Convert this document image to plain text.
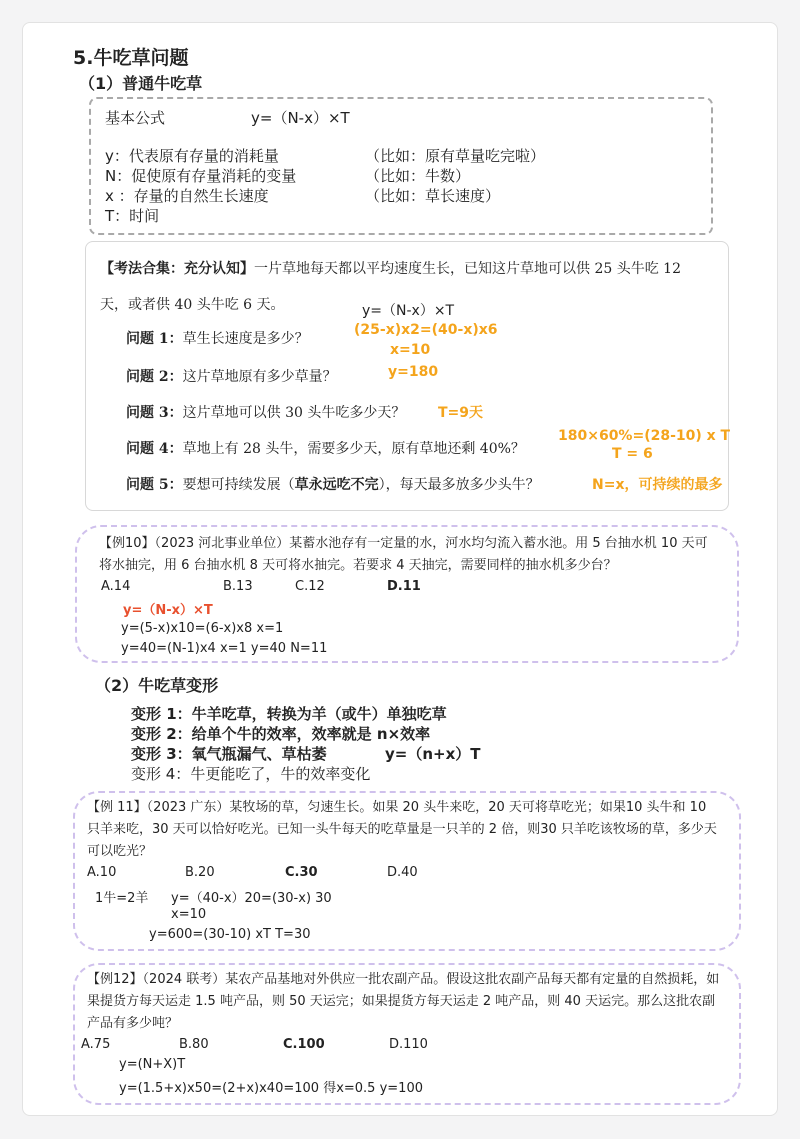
5.牛吃草问题
（1）普通牛吃草
基本公式	y=（N-x）×T
y：代表原有存量的消耗量	（比如：原有草量吃完啦）
N：促使原有存量消耗的变量	（比如：牛数）
x ：存量的自然生长速度	（比如：草长速度）
T：时间
【考法合集：充分认知】一片草地每天都以平均速度生长，已知这片草地可以供 25 头牛吃 12
天，或者供 40 头牛吃 6 天。	y=（N-x）×T
问题 1：草生长速度是多少？
(25-x)x2=(40-x)x6
x=10
问题 2：这片草地原有多少草量？	y=180
问题 3：这片草地可以供 30 头牛吃多少天？ T=9天
问题 4：草地上有 28 头牛，需要多少天，原有草地还剩 40%？
180×60%=(28-10) x T
T = 6
问题 5：要想可持续发展（草永远吃不完），每天最多放多少头牛？	N=x，可持续的最多
【例10】（2023 河北事业单位）某蓄水池存有一定量的水，河水均匀流入蓄水池。用 5 台抽水机 10 天可将水抽完，用 6 台抽水机 8 天可将水抽完。若要求 4 天抽完，需要同样的抽水机多少台？
A.14	B.13	C.12	D.11
y=（N-x）×T
y=(5-x)x10=(6-x)x8 x=1
y=40=(N-1)x4 x=1 y=40 N=11
（2）牛吃草变形
变形 1：牛羊吃草，转换为羊（或牛）单独吃草
变形 2：给单个牛的效率，效率就是 n×效率
变形 3：氧气瓶漏气、草枯萎	y=（n+x）T
变形 4：牛更能吃了，牛的效率变化
【例 11】（2023 广东）某牧场的草，匀速生长。如果 20 头牛来吃，20 天可将草吃光；如果10 头牛和 10 只羊来吃，30 天可以恰好吃光。已知一头牛每天的吃草量是一只羊的 2 倍，则30 只羊吃该牧场的草，多少天可以吃光？
A.10	B.20	C.30	D.40
1牛=2羊 y=（40-x）20=(30-x) 30
x=10
y=600=(30-10) xT T=30
【例12】（2024 联考）某农产品基地对外供应一批农副产品。假设这批农副产品每天都有定量的自然损耗，如果提货方每天运走 1.5 吨产品，则 50 天运完；如果提货方每天运走 2 吨产品，则 40 天运完。那么这批农副产品有多少吨？
A.75	B.80	C.100	D.110
y=(N+X)T
y=(1.5+x)x50=(2+x)x40=100 得x=0.5 y=100
